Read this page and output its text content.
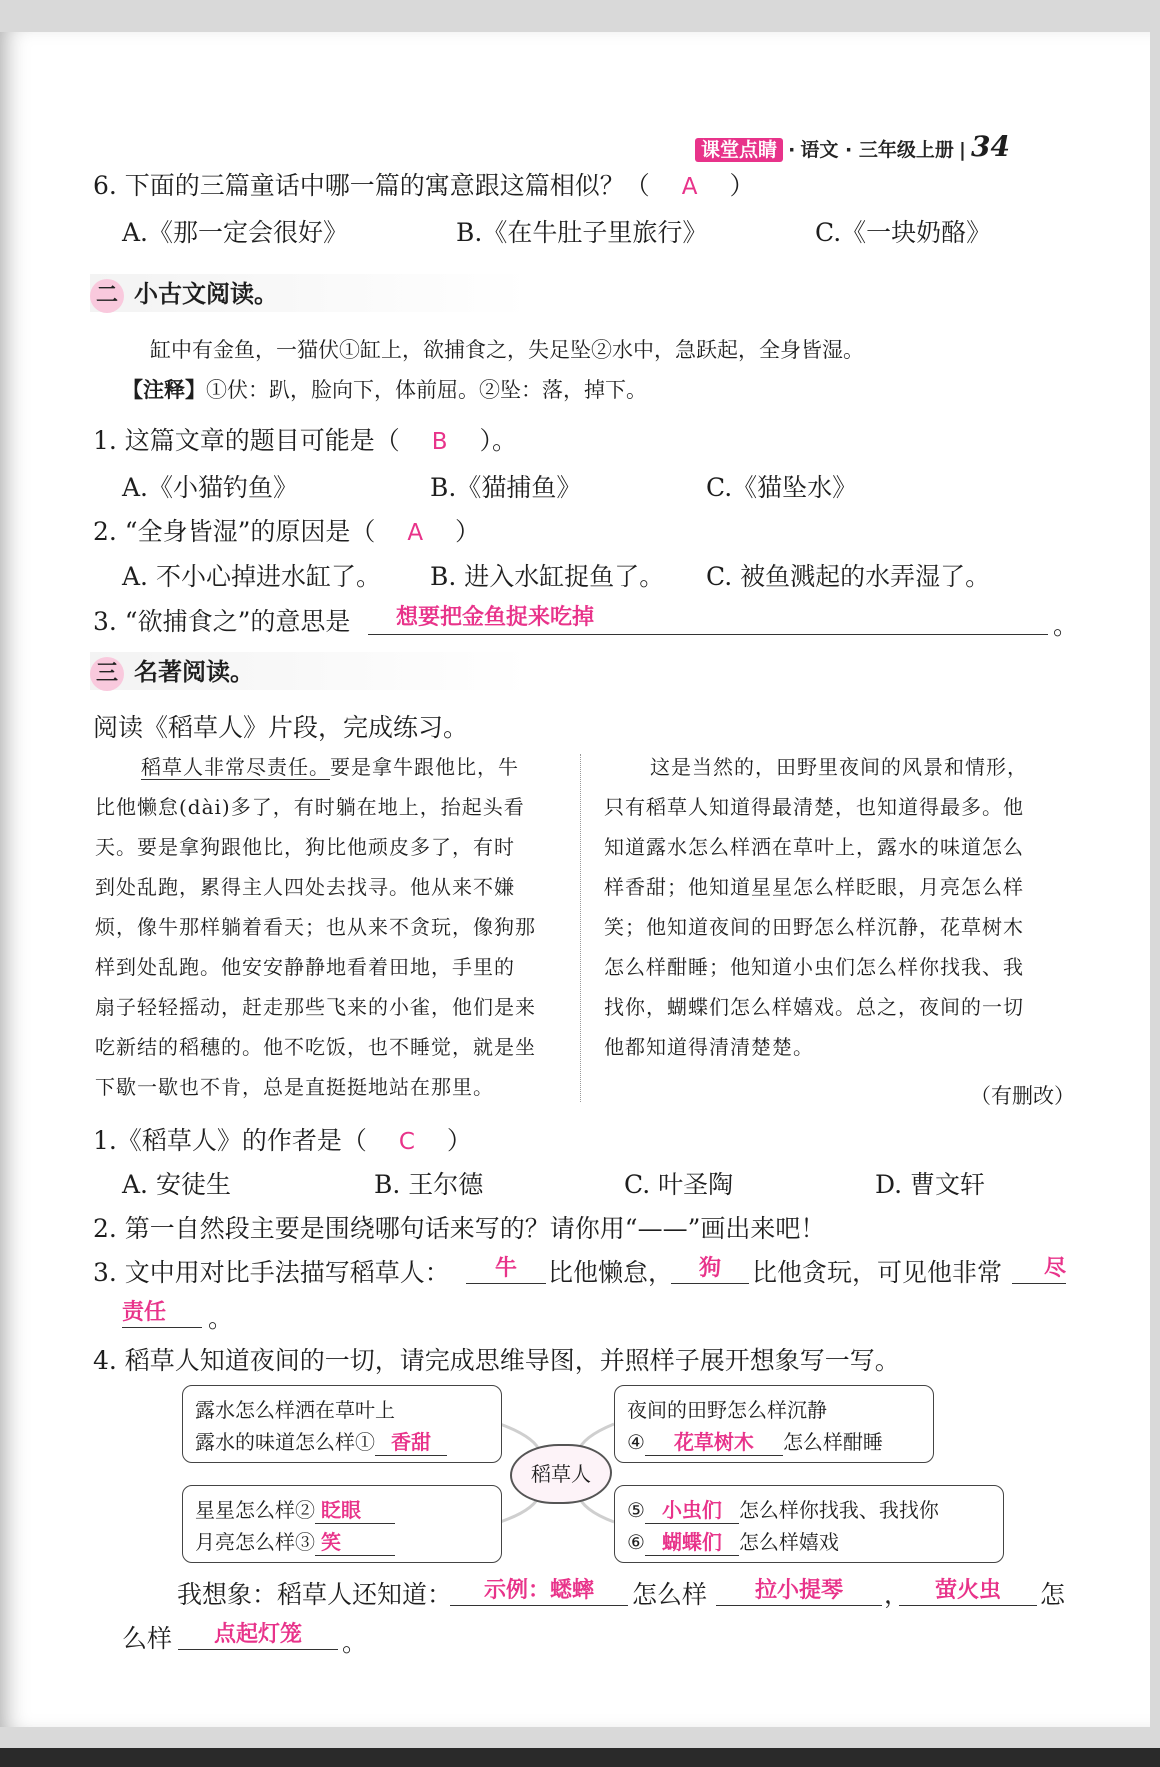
课堂点睛 · 语文 · 三年级上册 | 34
6. 下面的三篇童话中哪一篇的寓意跟这篇相似？（ A ）
A.《那一定会很好》	B.《在牛肚子里旅行》	C.《一块奶酪》
二 小古文阅读。
缸中有金鱼，一猫伏①缸上，欲捕食之，失足坠②水中，急跃起，全身皆湿。
【注释】①伏：趴，脸向下，体前屈。②坠：落，掉下。
1. 这篇文章的题目可能是（ B ）。
A.《小猫钓鱼》	B.《猫捕鱼》	C.《猫坠水》
2. “全身皆湿”的原因是（ A ）
A. 不小心掉进水缸了。 B. 进入水缸捉鱼了。 C. 被鱼溅起的水弄湿了。
3. “欲捕食之”的意思是	想要把金鱼捉来吃掉	。
三 名著阅读。
阅读《稻草人》片段，完成练习。
稻草人非常尽责任。要是拿牛跟他比，牛
比他懒怠(dài)多了，有时躺在地上，抬起头看
天。要是拿狗跟他比，狗比他顽皮多了，有时
到处乱跑，累得主人四处去找寻。他从来不嫌
烦，像牛那样躺着看天；也从来不贪玩，像狗那
样到处乱跑。他安安静静地看着田地，手里的
扇子轻轻摇动，赶走那些飞来的小雀，他们是来
吃新结的稻穗的。他不吃饭，也不睡觉，就是坐
下歇一歇也不肯，总是直挺挺地站在那里。
这是当然的，田野里夜间的风景和情形，
只有稻草人知道得最清楚，也知道得最多。他
知道露水怎么样洒在草叶上，露水的味道怎么
样香甜；他知道星星怎么样眨眼，月亮怎么样
笑；他知道夜间的田野怎么样沉静，花草树木
怎么样酣睡；他知道小虫们怎么样你找我、我
找你，蝴蝶们怎么样嬉戏。总之，夜间的一切
他都知道得清清楚楚。
（有删改）
1.《稻草人》的作者是（ C ）
A. 安徒生	B. 王尔德	C. 叶圣陶	D. 曹文轩
2. 第一自然段主要是围绕哪句话来写的？请你用“——”画出来吧！
3. 文中用对比手法描写稻草人：	牛	比他懒怠，	狗	比他贪玩，可见他非常	尽
责任	。
4. 稻草人知道夜间的一切，请完成思维导图，并照样子展开想象写一写。
露水怎么样洒在草叶上
露水的味道怎么样① 香甜
夜间的田野怎么样沉静
④ 花草树木 怎么样酣睡
稻草人
星星怎么样② 眨眼
月亮怎么样③ 笑
⑤ 小虫们 怎么样你找我、我找你
⑥ 蝴蝶们 怎么样嬉戏
我想象：稻草人还知道：	示例：蟋蟀	怎么样	拉小提琴	，	萤火虫	怎
么样	点起灯笼	。
